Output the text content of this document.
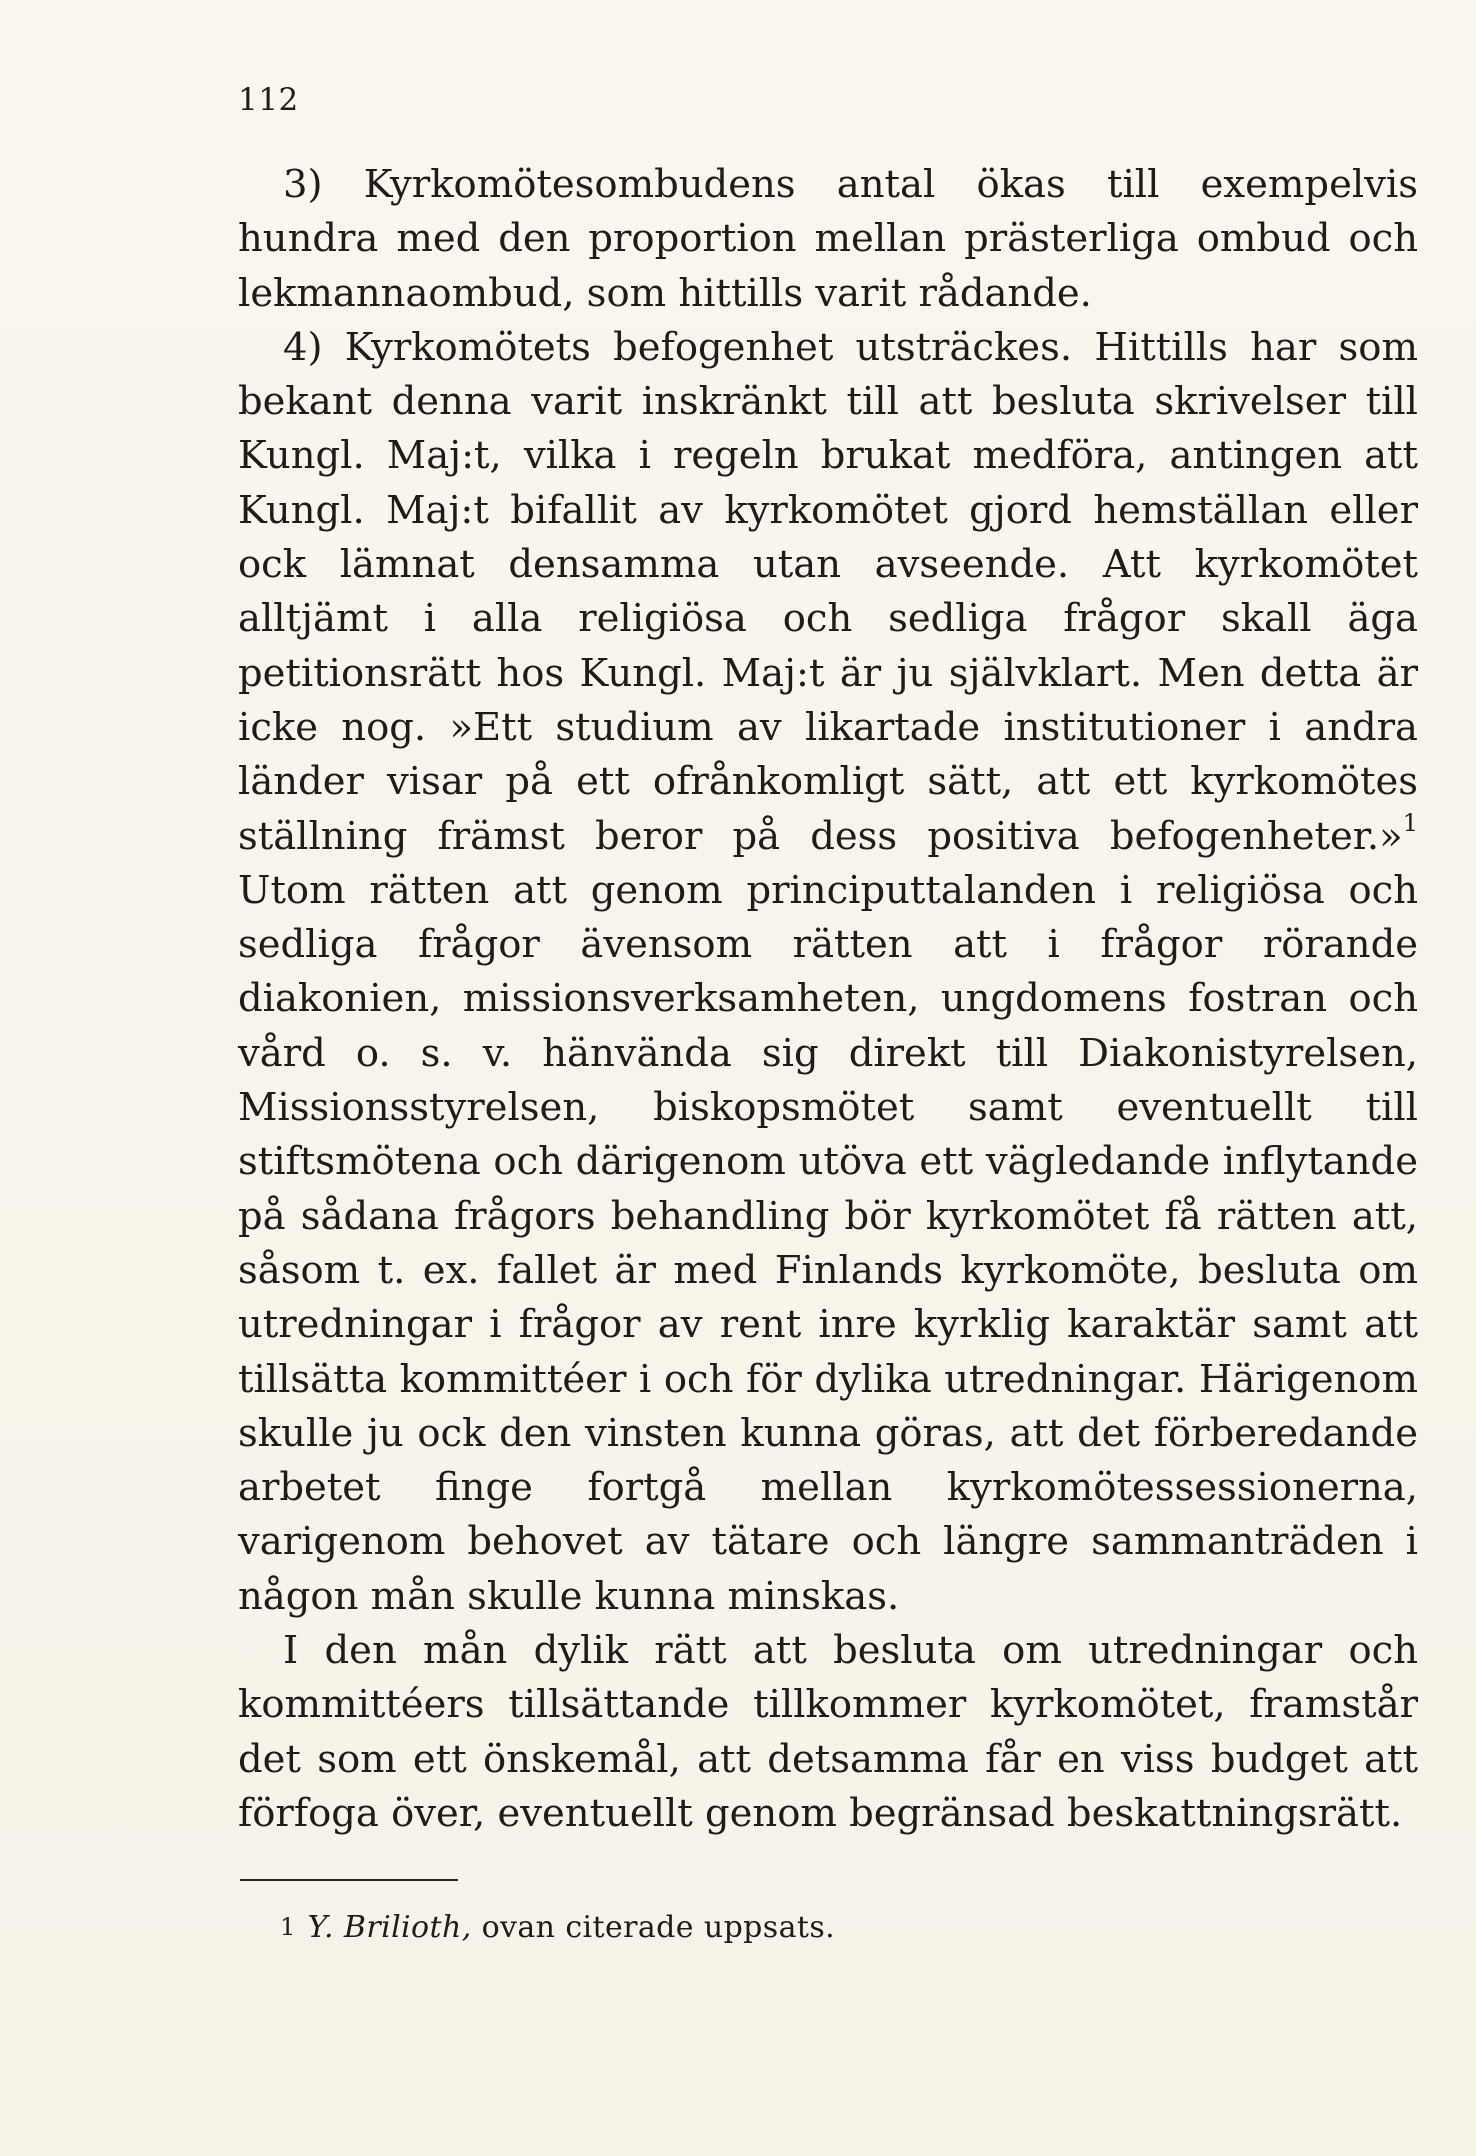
112

3) Kyrkomötesombudens antal ökas till exempelvis hundra med den proportion mellan prästerliga ombud och lekmannaombud, som hittills varit rådande.

4) Kyrkomötets befogenhet utsträckes. Hittills har som bekant denna varit inskränkt till att besluta skrivelser till Kungl. Maj:t, vilka i regeln brukat medföra, antingen att Kungl. Maj:t bifallit av kyrkomötet gjord hemställan eller ock lämnat densamma utan avseende. Att kyrkomötet alltjämt i alla religiösa och sedliga frågor skall äga petitionsrätt hos Kungl. Maj:t är ju självklart. Men detta är icke nog. »Ett studium av likartade institutioner i andra länder visar på ett ofrånkomligt sätt, att ett kyrkomötes ställning främst beror på dess positiva befogenheter.»$^1$ Utom rätten att genom principuttalanden i religiösa och sedliga frågor ävensom rätten att i frågor rörande diakonien, missionsverksamheten, ungdomens fostran och vård o. s. v. hänvända sig direkt till Diakonistyrelsen, Missionsstyrelsen, biskopsmötet samt eventuellt till stiftsmötena och därigenom utöva ett vägledande inflytande på sådana frågors behandling bör kyrkomötet få rätten att, såsom t. ex. fallet är med Finlands kyrkomöte, besluta om utredningar i frågor av rent inre kyrklig karaktär samt att tillsätta kommittéer i och för dylika utredningar. Härigenom skulle ju ock den vinsten kunna göras, att det förberedande arbetet finge fortgå mellan kyrkomötessessionerna, varigenom behovet av tätare och längre sammanträden i någon mån skulle kunna minskas.

I den mån dylik rätt att besluta om utredningar och kommittéers tillsättande tillkommer kyrkomötet, framstår det som ett önskemål, att detsamma får en viss budget att förfoga över, eventuellt genom begränsad beskattningsrätt.

1 Y. Brilioth, ovan citerade uppsats.
